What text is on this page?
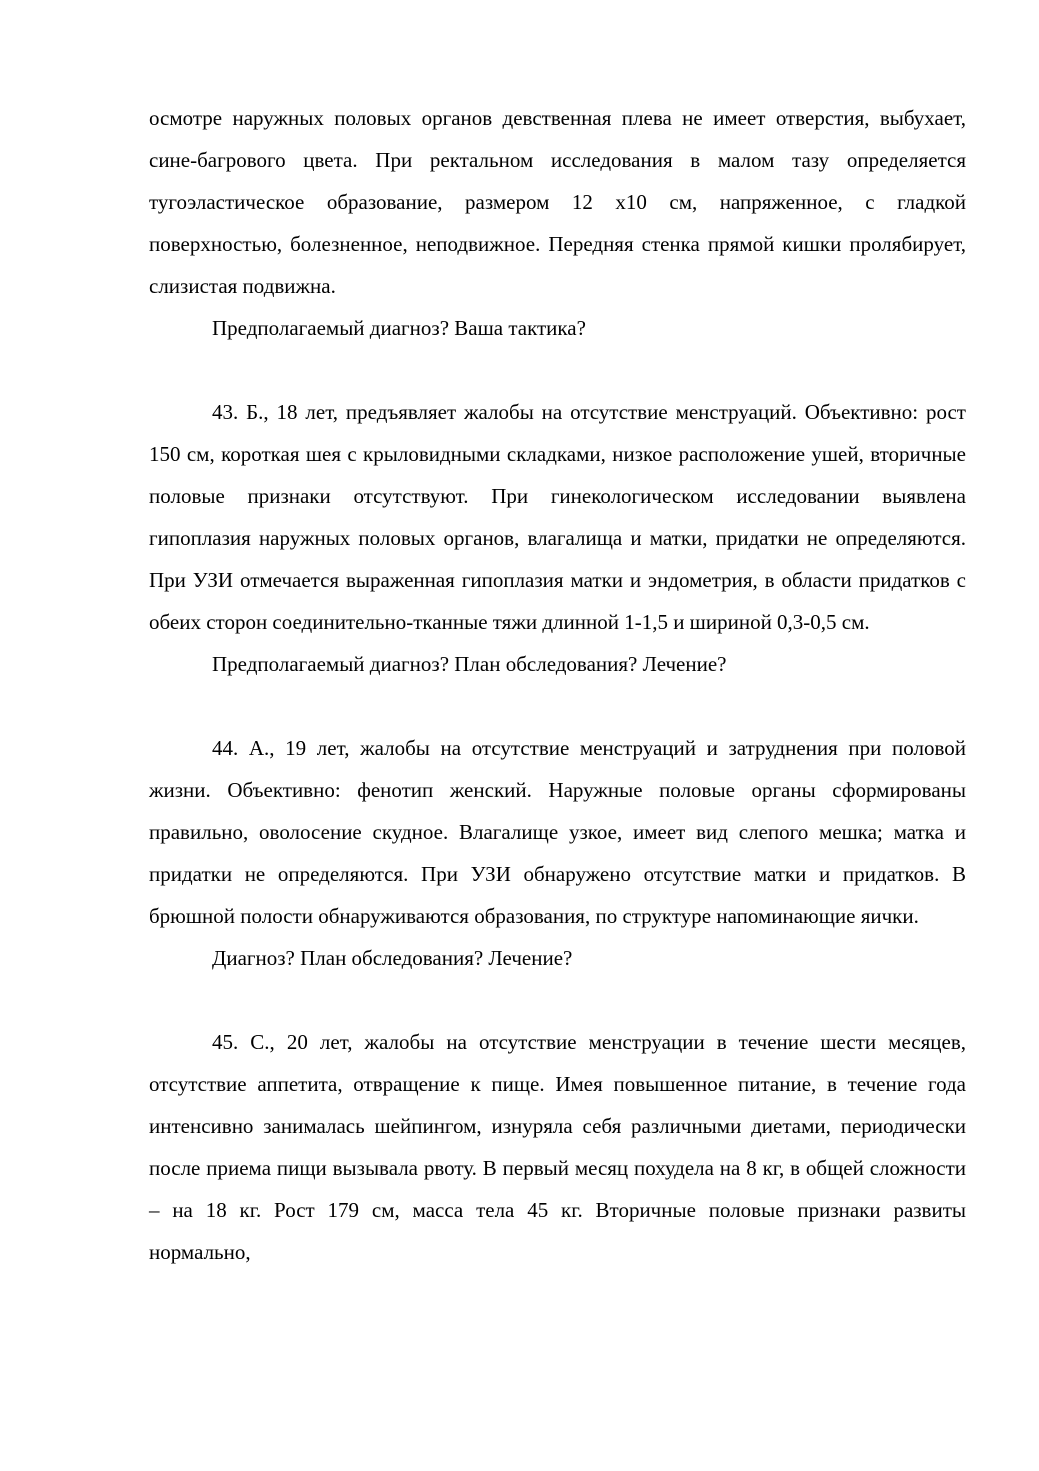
осмотре наружных половых органов девственная плева не имеет отверстия, выбухает, сине-багрового цвета. При ректальном исследования в малом тазу определяется тугоэластическое образование, размером 12 х10 см, напряженное, с гладкой поверхностью, болезненное, неподвижное. Передняя стенка прямой кишки пролябирует, слизистая подвижна.

Предполагаемый диагноз? Ваша тактика?

43. Б., 18 лет, предъявляет жалобы на отсутствие менструаций. Объективно: рост 150 см, короткая шея с крыловидными складками, низкое расположение ушей, вторичные половые признаки отсутствуют. При гинекологическом исследовании выявлена гипоплазия наружных половых органов, влагалища и матки, придатки не определяются. При УЗИ отмечается выраженная гипоплазия матки и эндометрия, в области придатков с обеих сторон соединительно-тканные тяжи длинной 1-1,5 и шириной 0,3-0,5 см.

Предполагаемый диагноз? План обследования? Лечение?

44. А., 19 лет, жалобы на отсутствие менструаций и затруднения при половой жизни. Объективно: фенотип женский. Наружные половые органы сформированы правильно, оволосение скудное. Влагалище узкое, имеет вид слепого мешка; матка и придатки не определяются. При УЗИ обнаружено отсутствие матки и придатков. В брюшной полости обнаруживаются образования, по структуре напоминающие яички.

Диагноз? План обследования? Лечение?

45. С., 20 лет, жалобы на отсутствие менструации в течение шести месяцев, отсутствие аппетита, отвращение к пище. Имея повышенное питание, в течение года интенсивно занималась шейпингом, изнуряла себя различными диетами, периодически после приема пищи вызывала рвоту. В первый месяц похудела на 8 кг, в общей сложности – на 18 кг. Рост 179 см, масса тела 45 кг. Вторичные половые признаки развиты нормально,
